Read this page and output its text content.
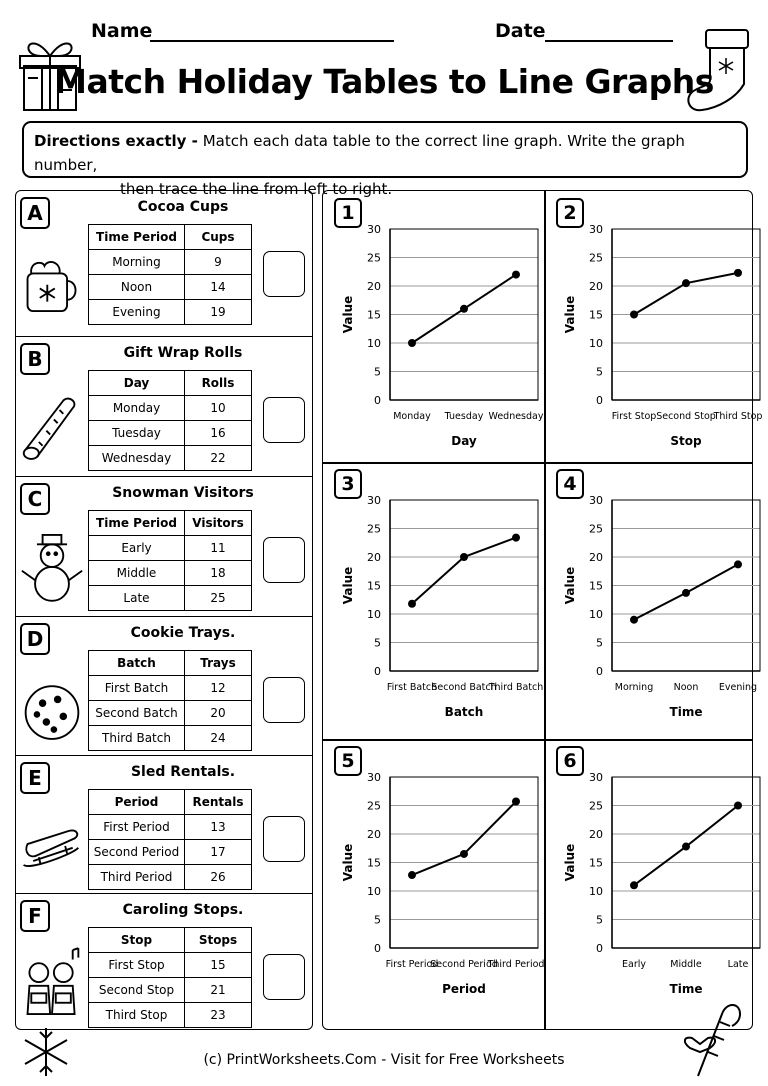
Name	Date
Match Holiday Tables to Line Graphs
Directions exactly - Match each data table to the correct line graph. Write the graph number,
then trace the line from left to right.
A	Cocoa Cups
Time Period	Cups
Morning	9
Noon	14
Evening	19
B	Gift Wrap Rolls
Day	Rolls
Monday	10
Tuesday	16
Wednesday	22
C	Snowman Visitors
Time Period	Visitors
Early	11
Middle	18
Late	25
D	Cookie Trays.
Batch	Trays
First Batch	12
Second Batch	20
Third Batch	24
E	Sled Rentals.
Period	Rentals
First Period	13
Second Period	17
Third Period	26
F	Caroling Stops.
Stop	Stops
First Stop	15
Second Stop	21
Third Stop	23
1
0
5
10
15
20
25
30
Monday Tuesday Wednesday
Day
Value
2
0
5
10
15
20
25
30
First Stop Second Stop
Third Stop
Stop
Value
3
0
5
10
15
20
25
30
First Batch
Second Batch
Third Batch
Batch
Value
4
0
5
10
15
20
25
30
Morning Noon Evening
Time
Value
5
0
5
10
15
20
25
30
First Period
Second Period
Third Period
Period
Value
6
0
5
10
15
20
25
30
Early	Middle	Late
Time
Value
(c) PrintWorksheets.Com - Visit for Free Worksheets
